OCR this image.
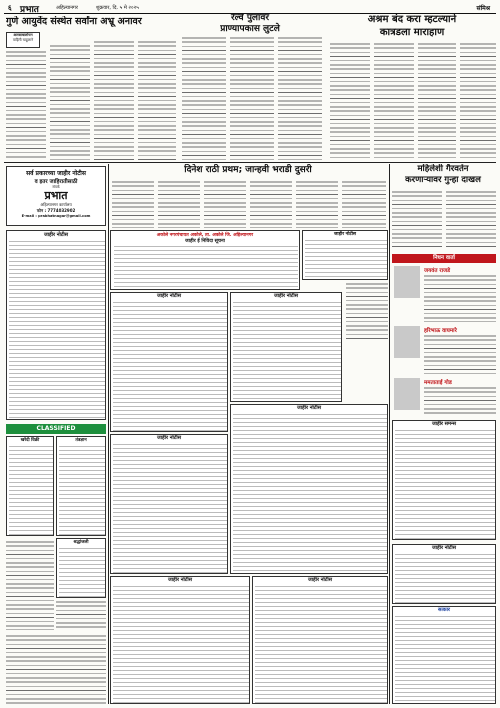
६ प्रभात	अहिल्यानगर	शुक्रवार, दि. ५ मे २०२५	संमिश्र
गुणे आयुर्वेद संस्थेत सर्वांना अभ्रू अनावर	रेल्वे पुलावर
प्राण्यापकास लुटले
अश्रम बंद करा म्हटल्याने
कात्रडला माराहाण
अलसाबालोचन
वाहिनी चाहुलाने
सर्व प्रकारच्या जाहीर नोटीस
व इतर जाहिरातीसाठी
संपर्क
प्रभात
अहिल्यानगर कार्यालय
फोन : 7774032902
E-mail : prabhatnagar@gmail.com
दिनेश राठी प्रथम; जान्हवी भराडी दुसरी	महिलेशी गैरवर्तन
करणाऱ्यावर गुन्हा दाखल
अकोले नगरपंचायत अकोले, ता. अकोले जि. अहिल्यानगर
जाहीर ई निविदा सूचना
जाहीर नोटीस
जाहीर नोटीस
CLASSIFIED
खरेदी विक्री	तंत्रज्ञान
श्रद्धांजली
जाहीर नोटीस	जाहीर नोटीस
जाहीर नोटीस
जाहीर नोटीस
जाहीर नोटीस	जाहीर नोटीस
निधन वार्ता
जयवंत राजडे
हरिभाऊ वाघमारे
ममताताई गोड
जाहीर समन्स
जाहीर नोटीस
सत्कार
